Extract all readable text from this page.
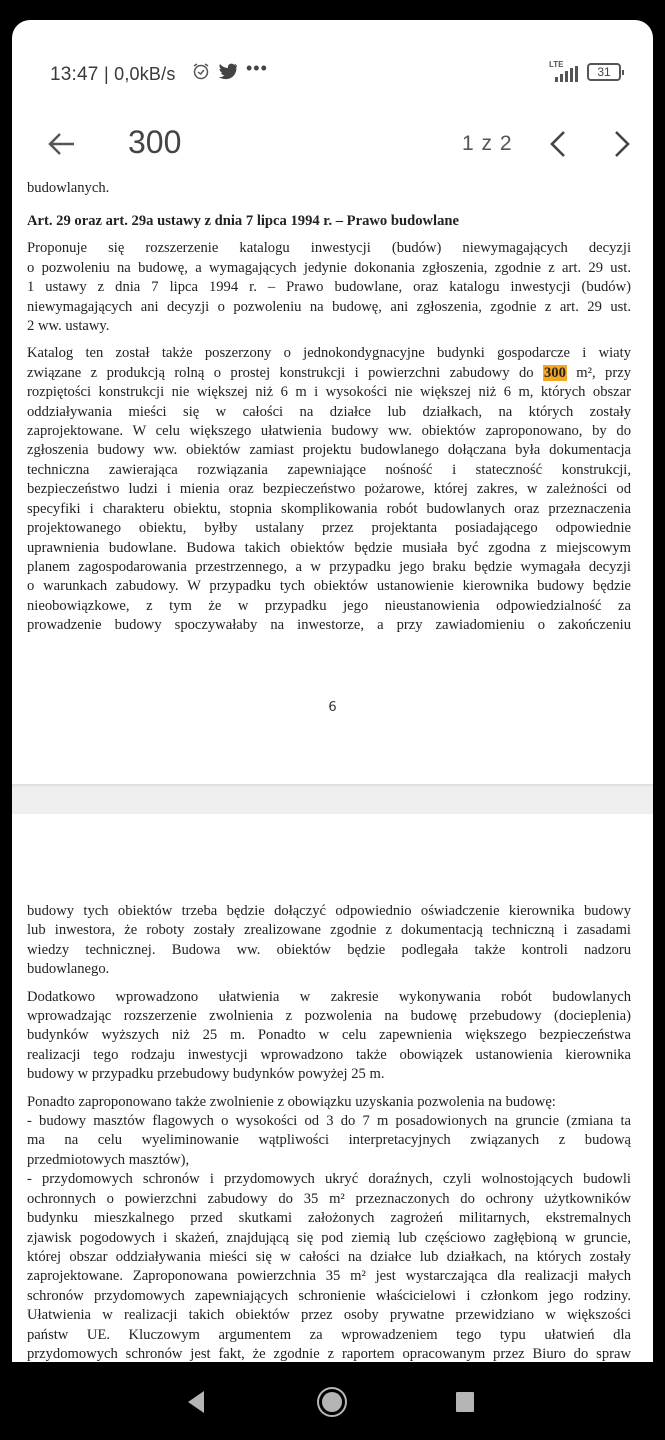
13:47 | 0,0kB/s	•••	LTE
31
300	1 z 2
budowlanych.

Art. 29 oraz art. 29a ustawy z dnia 7 lipca 1994 r. – Prawo budowlane

Proponuje się rozszerzenie katalogu inwestycji (budów) niewymagających decyzji
o pozwoleniu na budowę, a wymagających jedynie dokonania zgłoszenia, zgodnie z art. 29 ust.
1 ustawy z dnia 7 lipca 1994 r. – Prawo budowlane, oraz katalogu inwestycji (budów)
niewymagających ani decyzji o pozwoleniu na budowę, ani zgłoszenia, zgodnie z art. 29 ust.
2 ww. ustawy.

Katalog ten został także poszerzony o jednokondygnacyjne budynki gospodarcze i wiaty
związane z produkcją rolną o prostej konstrukcji i powierzchni zabudowy do 300 m², przy
rozpiętości konstrukcji nie większej niż 6 m i wysokości nie większej niż 6 m, których obszar
oddziaływania mieści się w całości na działce lub działkach, na których zostały
zaprojektowane. W celu większego ułatwienia budowy ww. obiektów zaproponowano, by do
zgłoszenia budowy ww. obiektów zamiast projektu budowlanego dołączana była dokumentacja
techniczna zawierająca rozwiązania zapewniające nośność i stateczność konstrukcji,
bezpieczeństwo ludzi i mienia oraz bezpieczeństwo pożarowe, której zakres, w zależności od
specyfiki i charakteru obiektu, stopnia skomplikowania robót budowlanych oraz przeznaczenia
projektowanego obiektu, byłby ustalany przez projektanta posiadającego odpowiednie
uprawnienia budowlane. Budowa takich obiektów będzie musiała być zgodna z miejscowym
planem zagospodarowania przestrzennego, a w przypadku jego braku będzie wymagała decyzji
o warunkach zabudowy. W przypadku tych obiektów ustanowienie kierownika budowy będzie
nieobowiązkowe, z tym że w przypadku jego nieustanowienia odpowiedzialność za
prowadzenie budowy spoczywałaby na inwestorze, a przy zawiadomieniu o zakończeniu

6

budowy tych obiektów trzeba będzie dołączyć odpowiednio oświadczenie kierownika budowy
lub inwestora, że roboty zostały zrealizowane zgodnie z dokumentacją techniczną i zasadami
wiedzy technicznej. Budowa ww. obiektów będzie podlegała także kontroli nadzoru
budowlanego.

Dodatkowo wprowadzono ułatwienia w zakresie wykonywania robót budowlanych
wprowadzając rozszerzenie zwolnienia z pozwolenia na budowę przebudowy (docieplenia)
budynków wyższych niż 25 m. Ponadto w celu zapewnienia większego bezpieczeństwa
realizacji tego rodzaju inwestycji wprowadzono także obowiązek ustanowienia kierownika
budowy w przypadku przebudowy budynków powyżej 25 m.

Ponadto zaproponowano także zwolnienie z obowiązku uzyskania pozwolenia na budowę:
- budowy masztów flagowych o wysokości od 3 do 7 m posadowionych na gruncie (zmiana ta
ma na celu wyeliminowanie wątpliwości interpretacyjnych związanych z budową
przedmiotowych masztów),
- przydomowych schronów i przydomowych ukryć doraźnych, czyli wolnostojących budowli
ochronnych o powierzchni zabudowy do 35 m² przeznaczonych do ochrony użytkowników
budynku mieszkalnego przed skutkami założonych zagrożeń militarnych, ekstremalnych
zjawisk pogodowych i skażeń, znajdującą się pod ziemią lub częściowo zagłębioną w gruncie,
której obszar oddziaływania mieści się w całości na działce lub działkach, na których zostały
zaprojektowane. Zaproponowana powierzchnia 35 m² jest wystarczająca dla realizacji małych
schronów przydomowych zapewniających schronienie właścicielowi i członkom jego rodziny.
Ułatwienia w realizacji takich obiektów przez osoby prywatne przewidziano w większości
państw UE. Kluczowym argumentem za wprowadzeniem tego typu ułatwień dla
przydomowych schronów jest fakt, że zgodnie z raportem opracowanym przez Biuro do spraw
